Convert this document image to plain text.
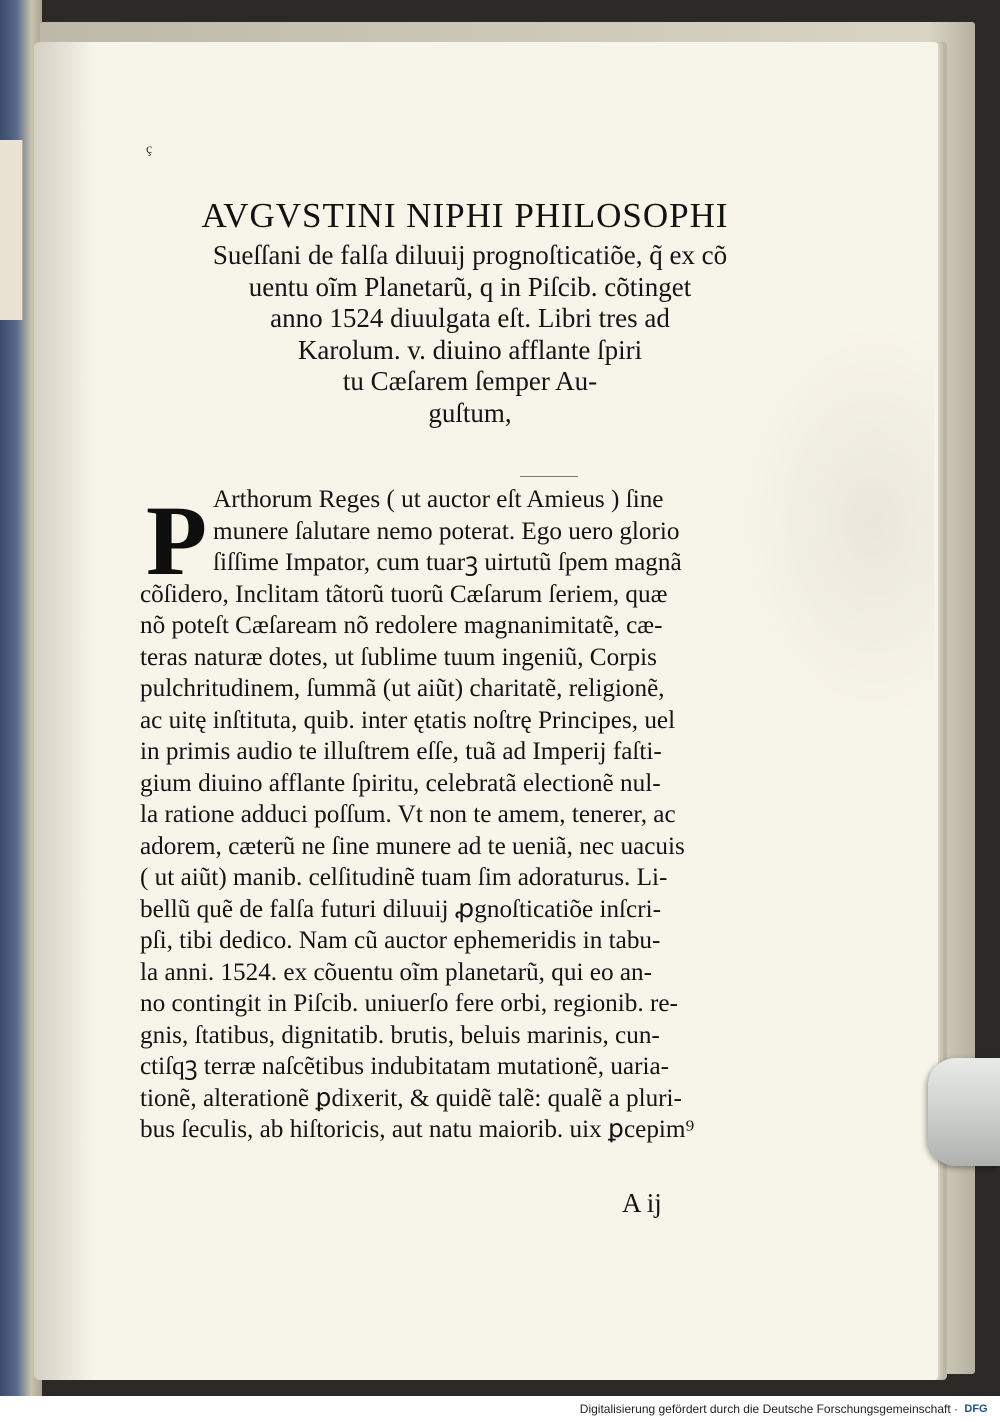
ç
AVGVSTINI NIPHI PHILOSOPHI
Sueſſani de falſa diluuij prognoſticatiõe, q̃ ex cõ
uentu oĩm Planetarũ, q in Piſcib. cõtinget
anno 1524 diuulgata eſt. Libri tres ad
Karolum. v. diuino afflante ſpiri
tu Cæſarem ſemper Au-
guſtum,
P Arthorum Reges ( ut auctor eſt Amieus ) ſine
munere ſalutare nemo poterat. Ego uero glorio
ſiſſime Impator, cum tuarꝫ uirtutũ ſpem magnã
cõſidero, Inclitam tãtorũ tuorũ Cæſarum ſeriem, quæ
nõ poteſt Cæſaream nõ redolere magnanimitatẽ, cæ-
teras naturæ dotes, ut ſublime tuum ingeniũ, Corpis
pulchritudinem, ſummã (ut aiũt) charitatẽ, religionẽ,
ac uitę inſtituta, quib. inter ętatis noſtrę Principes, uel
in primis audio te illuſtrem eſſe, tuã ad Imperij faſti-
gium diuino afflante ſpiritu, celebratã electionẽ nul-
la ratione adduci poſſum. Vt non te amem, tenerer, ac
adorem, cæterũ ne ſine munere ad te ueniã, nec uacuis
( ut aiũt) manib. celſitudinẽ tuam ſim adoraturus. Li-
bellũ quẽ de falſa futuri diluuij ꝓgnoſticatiõe inſcri-
pſi, tibi dedico. Nam cũ auctor ephemeridis in tabu-
la anni. 1524. ex cõuentu oĩm planetarũ, qui eo an-
no contingit in Piſcib. uniuerſo fere orbi, regionib. re-
gnis, ſtatibus, dignitatib. brutis, beluis marinis, cun-
ctiſqꝫ terræ naſcẽtibus indubitatam mutationẽ, uaria-
tionẽ, alterationẽ ꝑdixerit, & quidẽ talẽ: qualẽ a pluri-
bus ſeculis, ab hiſtoricis, aut natu maiorib. uix ꝑcepim⁹
A ij
Digitalisierung gefördert durch die Deutsche Forschungsgemeinschaft · DFG
